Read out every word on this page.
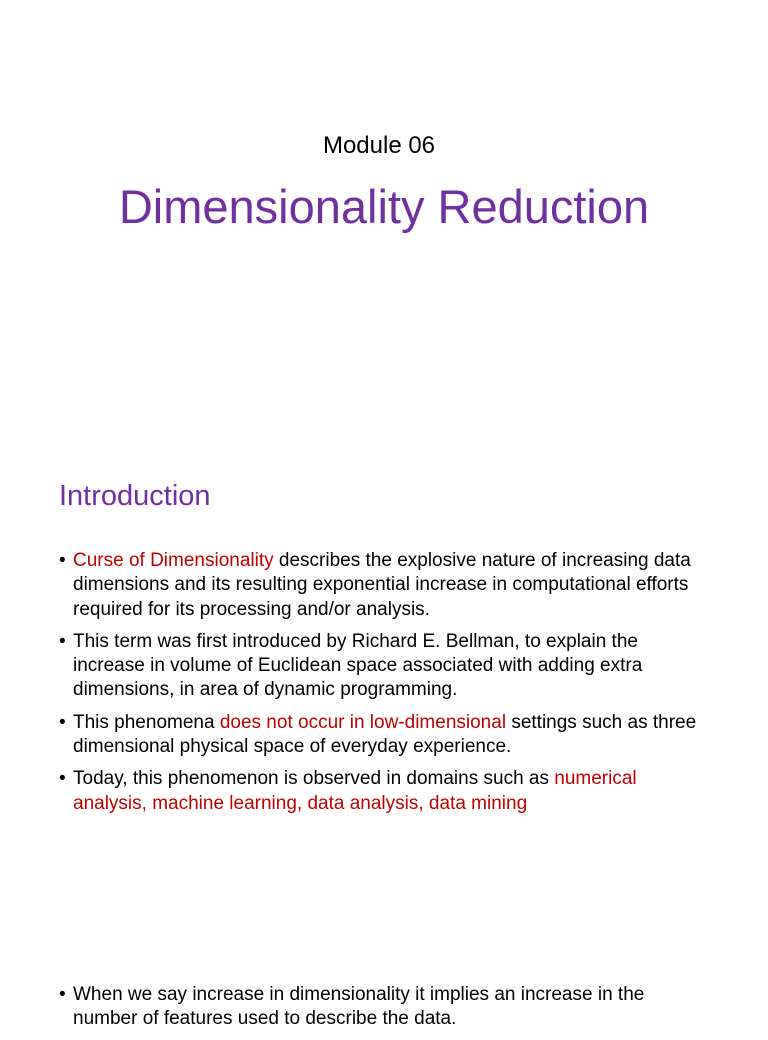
Module 06
Dimensionality Reduction
Introduction
• Curse of Dimensionality describes the explosive nature of increasing data dimensions and its resulting exponential increase in computational efforts required for its processing and/or analysis.
• This term was first introduced by Richard E. Bellman, to explain the increase in volume of Euclidean space associated with adding extra dimensions, in area of dynamic programming.
• This phenomena does not occur in low-dimensional settings such as three dimensional physical space of everyday experience.
• Today, this phenomenon is observed in domains such as numerical analysis, machine learning, data analysis, data mining
• When we say increase in dimensionality it implies an increase in the number of features used to describe the data.
